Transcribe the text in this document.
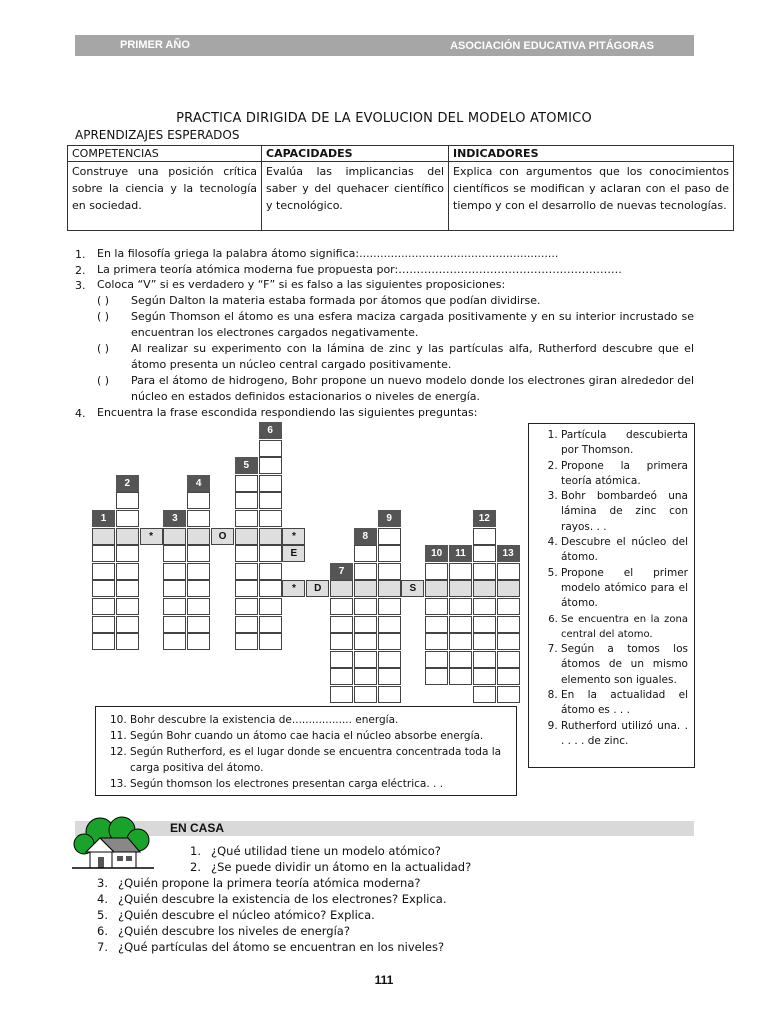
PRIMER AÑO	ASOCIACIÓN EDUCATIVA PITÁGORAS
PRACTICA DIRIGIDA DE LA EVOLUCION DEL MODELO ATOMICO
APRENDIZAJES ESPERADOS
COMPETENCIAS	CAPACIDADES	INDICADORES
Construye una posición crítica sobre la ciencia y la tecnología en sociedad.	Evalúa las implicancias del saber y del quehacer científico y tecnológico.	Explica con argumentos que los conocimientos científicos se modifican y aclaran con el paso de tiempo y con el desarrollo de nuevas tecnologías.
1. En la filosofía griega la palabra átomo significa:.........................................................
2. La primera teoría atómica moderna fue propuesta por:…………………………………………………….
3. Coloca “V” si es verdadero y “F” si es falso a las siguientes proposiciones:
( ) Según Dalton la materia estaba formada por átomos que podían dividirse.
( ) Según Thomson el átomo es una esfera maciza cargada positivamente y en su interior incrustado se encuentran los electrones cargados negativamente.
( ) Al realizar su experimento con la lámina de zinc y las partículas alfa, Rutherford descubre que el átomo presenta un núcleo central cargado positivamente.
( ) Para el átomo de hidrogeno, Bohr propone un nuevo modelo donde los electrones giran alrededor del núcleo en estados definidos estacionarios o niveles de energía.
4. Encuentra la frase escondida respondiendo las siguientes preguntas:
1
2
3
4
5
6
7
8
9
10	11
12
13
*	O	*
E
*	D	S
1. Partícula descubierta por Thomson.
2. Propone la primera teoría atómica.
3. Bohr bombardeó una lámina de zinc con rayos. . .
4. Descubre el núcleo del átomo.
5. Propone el primer modelo atómico para el átomo.
6. Se encuentra en la zona central del atomo.
7. Según a tomos los átomos de un mismo elemento son iguales.
8. En la actualidad el átomo es . . .
9. Rutherford utilizó una. . . . . . de zinc.
10. Bohr descubre la existencia de.................. energía.
11. Según Bohr cuando un átomo cae hacia el núcleo absorbe energía.
12. Según Rutherford, es el lugar donde se encuentra concentrada toda la carga positiva del átomo.
13. Según thomson los electrones presentan carga eléctrica. . .
EN CASA
1. ¿Qué utilidad tiene un modelo atómico?
2. ¿Se puede dividir un átomo en la actualidad?
3. ¿Quién propone la primera teoría atómica moderna?
4. ¿Quién descubre la existencia de los electrones? Explica.
5. ¿Quién descubre el núcleo atómico? Explica.
6. ¿Quién descubre los niveles de energía?
7. ¿Qué partículas del átomo se encuentran en los niveles?
111
